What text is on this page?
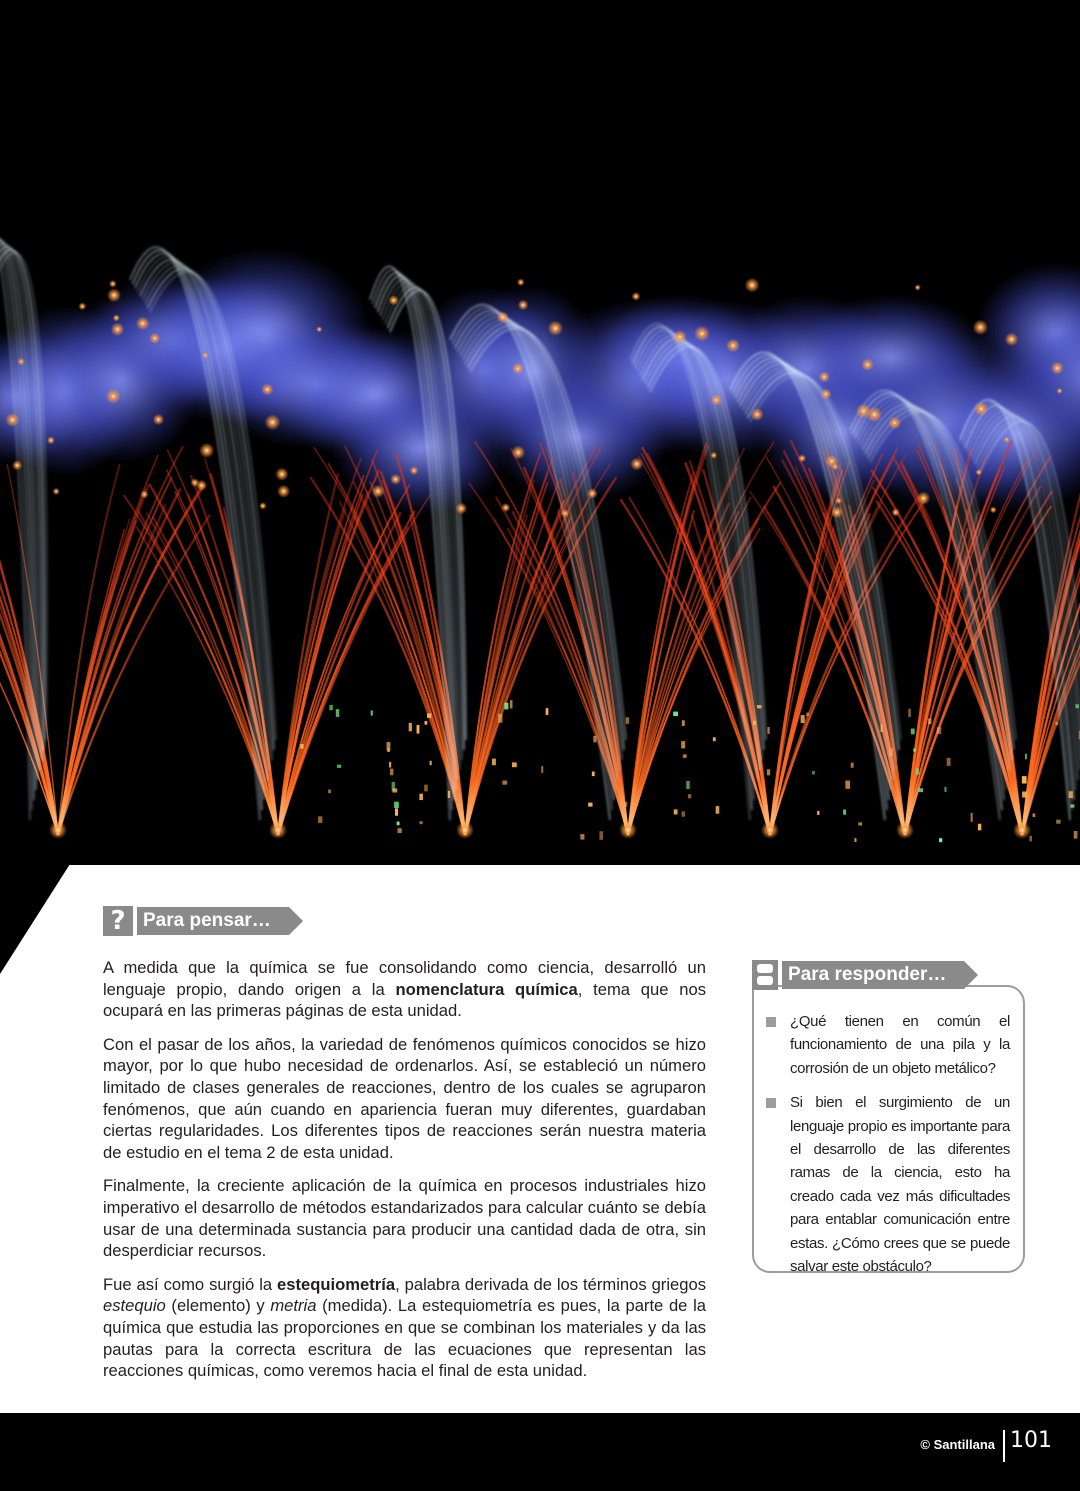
? Para pensar…

A medida que la química se fue consolidando como ciencia, desarrolló un lenguaje propio, dando origen a la nomenclatura química, tema que nos ocupará en las primeras páginas de esta unidad.

Con el pasar de los años, la variedad de fenómenos químicos conocidos se hizo mayor, por lo que hubo necesidad de ordenarlos. Así, se estableció un número limitado de clases generales de reacciones, dentro de los cuales se agruparon fenómenos, que aún cuando en apariencia fueran muy diferentes, guardaban ciertas regularidades. Los diferentes tipos de reacciones serán nuestra materia de estudio en el tema 2 de esta unidad.

Finalmente, la creciente aplicación de la química en procesos industriales hizo imperativo el desarrollo de métodos estandarizados para calcular cuánto se debía usar de una determinada sustancia para producir una cantidad dada de otra, sin desperdiciar recursos.

Fue así como surgió la estequiometría, palabra derivada de los términos griegos estequio (elemento) y metria (medida). La estequiometría es pues, la parte de la química que estudia las proporciones en que se combinan los materiales y da las pautas para la correcta escritura de las ecuaciones que representan las reacciones químicas, como veremos hacia el final de esta unidad.

Para responder…
¿Qué tienen en común el funcionamiento de una pila y la corrosión de un objeto metálico?
Si bien el surgimiento de un lenguaje propio es importante para el desarrollo de las diferentes ramas de la ciencia, esto ha creado cada vez más dificultades para entablar comunicación entre estas. ¿Cómo crees que se puede salvar este obstáculo?
© Santillana 101
